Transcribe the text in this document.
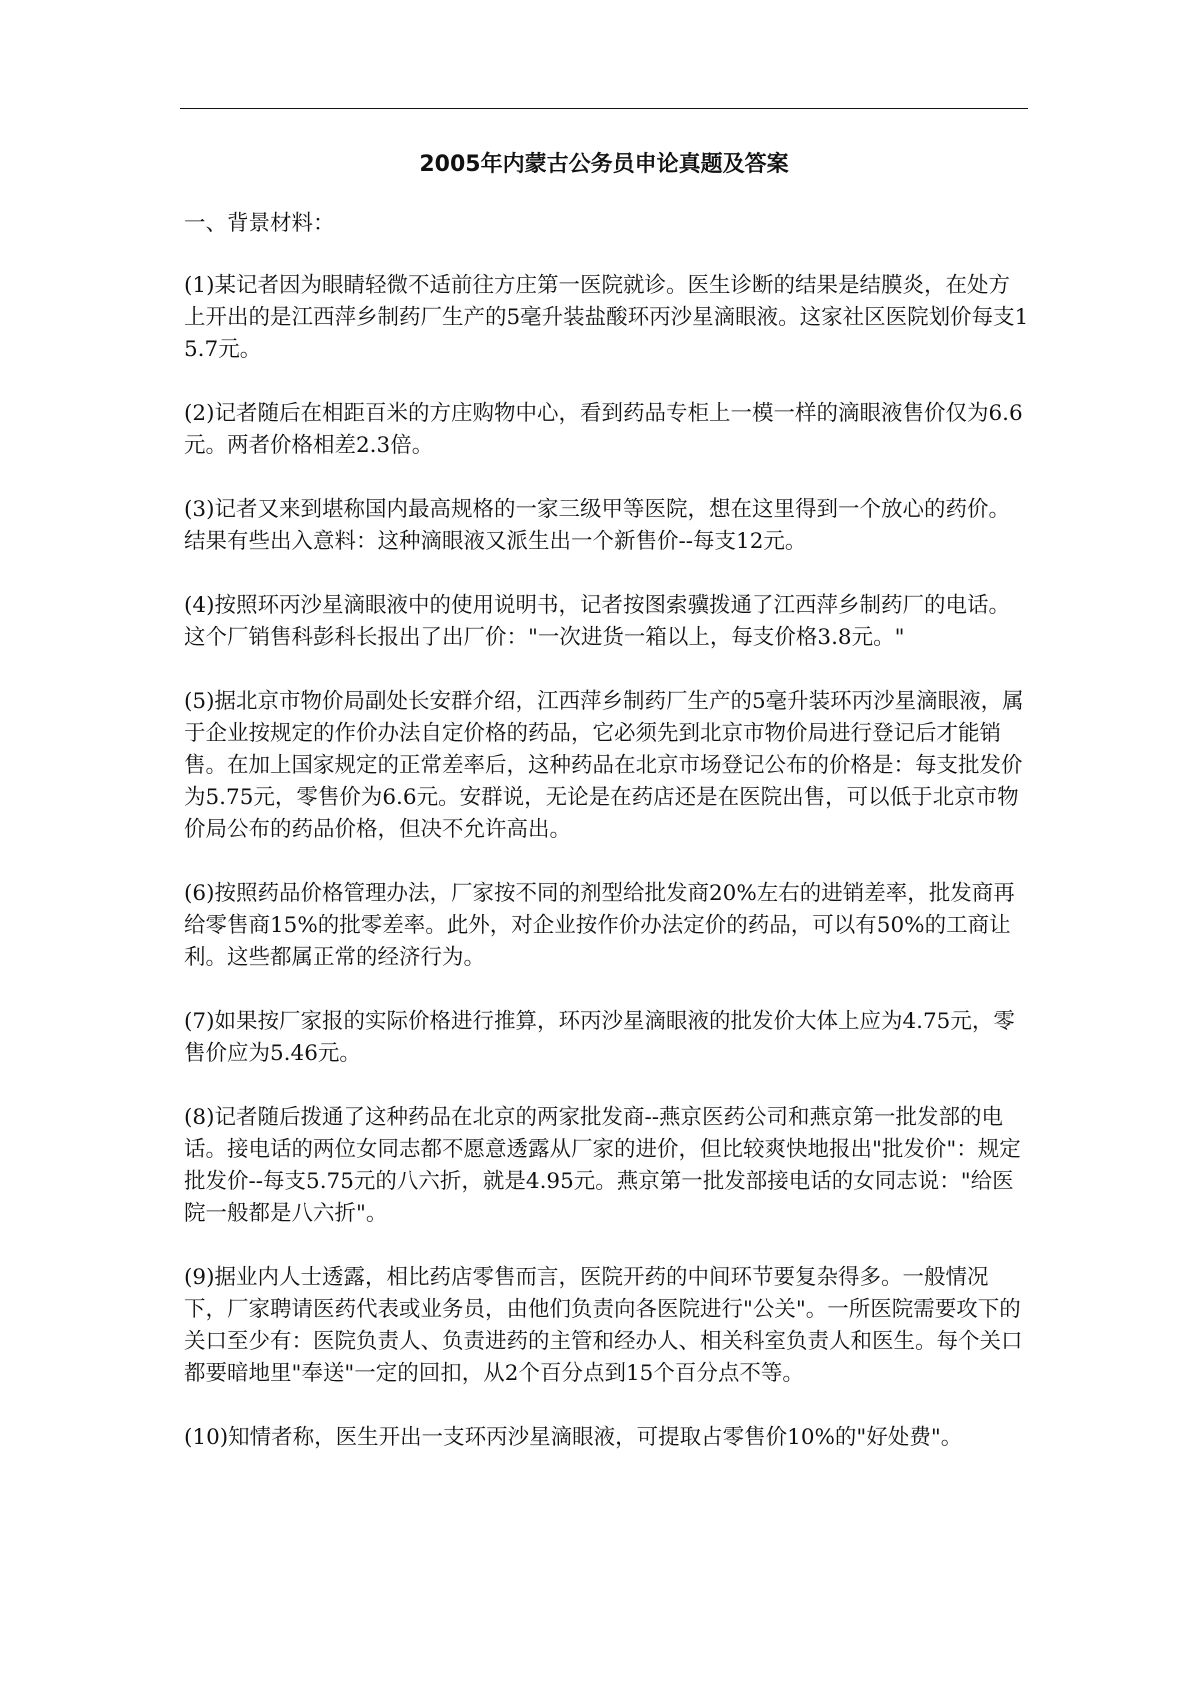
2005年内蒙古公务员申论真题及答案

一、背景材料：

(1)某记者因为眼睛轻微不适前往方庄第一医院就诊。医生诊断的结果是结膜炎，在处方上开出的是江西萍乡制药厂生产的5毫升装盐酸环丙沙星滴眼液。这家社区医院划价每支15.7元。

(2)记者随后在相距百米的方庄购物中心，看到药品专柜上一模一样的滴眼液售价仅为6.6元。两者价格相差2.3倍。

(3)记者又来到堪称国内最高规格的一家三级甲等医院，想在这里得到一个放心的药价。结果有些出入意料：这种滴眼液又派生出一个新售价--每支12元。

(4)按照环丙沙星滴眼液中的使用说明书，记者按图索骥拨通了江西萍乡制药厂的电话。这个厂销售科彭科长报出了出厂价："一次进货一箱以上，每支价格3.8元。"

(5)据北京市物价局副处长安群介绍，江西萍乡制药厂生产的5毫升装环丙沙星滴眼液，属于企业按规定的作价办法自定价格的药品，它必须先到北京市物价局进行登记后才能销售。在加上国家规定的正常差率后，这种药品在北京市场登记公布的价格是：每支批发价为5.75元，零售价为6.6元。安群说，无论是在药店还是在医院出售，可以低于北京市物价局公布的药品价格，但决不允许高出。

(6)按照药品价格管理办法，厂家按不同的剂型给批发商20%左右的进销差率，批发商再给零售商15%的批零差率。此外，对企业按作价办法定价的药品，可以有50%的工商让利。这些都属正常的经济行为。

(7)如果按厂家报的实际价格进行推算，环丙沙星滴眼液的批发价大体上应为4.75元，零售价应为5.46元。

(8)记者随后拨通了这种药品在北京的两家批发商--燕京医药公司和燕京第一批发部的电话。接电话的两位女同志都不愿意透露从厂家的进价，但比较爽快地报出"批发价"：规定批发价--每支5.75元的八六折，就是4.95元。燕京第一批发部接电话的女同志说："给医院一般都是八六折"。

(9)据业内人士透露，相比药店零售而言，医院开药的中间环节要复杂得多。一般情况下，厂家聘请医药代表或业务员，由他们负责向各医院进行"公关"。一所医院需要攻下的关口至少有：医院负责人、负责进药的主管和经办人、相关科室负责人和医生。每个关口都要暗地里"奉送"一定的回扣，从2个百分点到15个百分点不等。

(10)知情者称，医生开出一支环丙沙星滴眼液，可提取占零售价10%的"好处费"。
